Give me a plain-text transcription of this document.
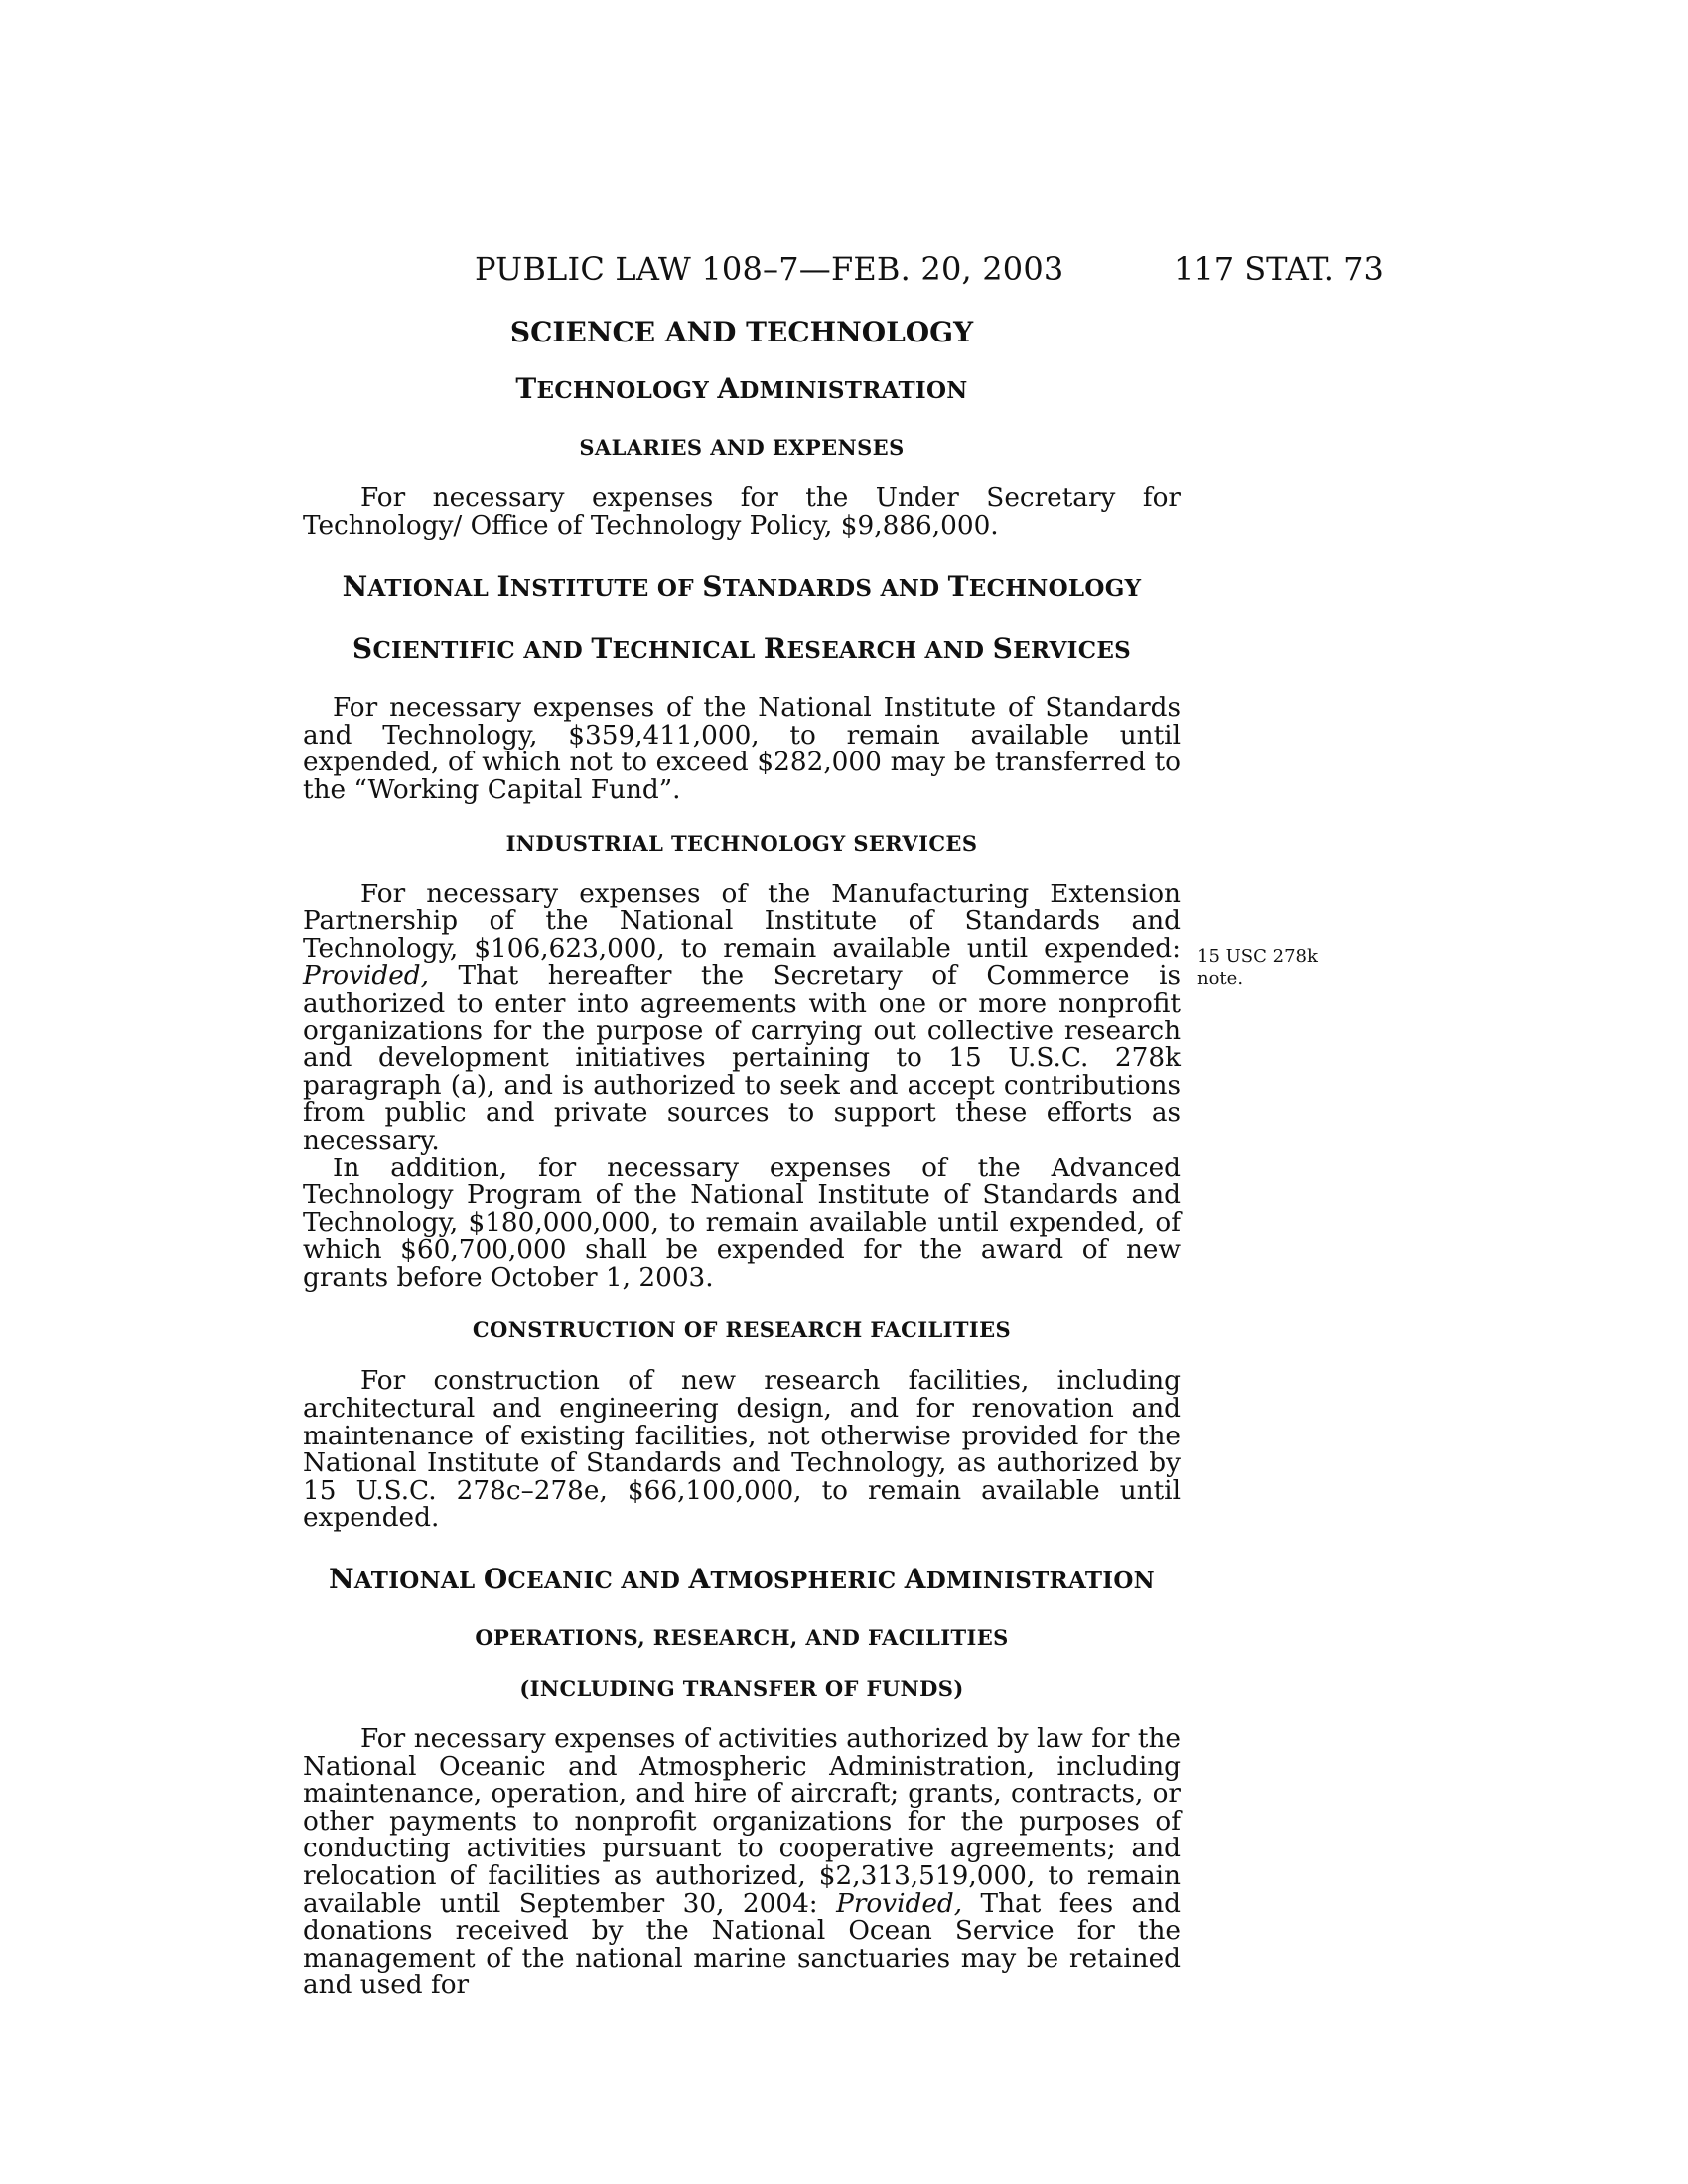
PUBLIC LAW 108–7—FEB. 20, 2003	117 STAT. 73
SCIENCE AND TECHNOLOGY
TECHNOLOGY ADMINISTRATION
SALARIES AND EXPENSES

For necessary expenses for the Under Secretary for Technology/ Office of Technology Policy, $9,886,000.

NATIONAL INSTITUTE OF STANDARDS AND TECHNOLOGY
SCIENTIFIC AND TECHNICAL RESEARCH AND SERVICES

For necessary expenses of the National Institute of Standards and Technology, $359,411,000, to remain available until expended, of which not to exceed $282,000 may be transferred to the “Working Capital Fund”.

INDUSTRIAL TECHNOLOGY SERVICES

For necessary expenses of the Manufacturing Extension Partnership of the National Institute of Standards and Technology, $106,623,000, to remain available until expended: Provided, That hereafter the Secretary of Commerce is authorized to enter into agreements with one or more nonprofit organizations for the purpose of carrying out collective research and development initiatives pertaining to 15 U.S.C. 278k paragraph (a), and is authorized to seek and accept contributions from public and private sources to support these efforts as necessary.

In addition, for necessary expenses of the Advanced Technology Program of the National Institute of Standards and Technology, $180,000,000, to remain available until expended, of which $60,700,000 shall be expended for the award of new grants before October 1, 2003.

CONSTRUCTION OF RESEARCH FACILITIES

For construction of new research facilities, including architectural and engineering design, and for renovation and maintenance of existing facilities, not otherwise provided for the National Institute of Standards and Technology, as authorized by 15 U.S.C. 278c–278e, $66,100,000, to remain available until expended.

NATIONAL OCEANIC AND ATMOSPHERIC ADMINISTRATION
OPERATIONS, RESEARCH, AND FACILITIES
(INCLUDING TRANSFER OF FUNDS)

For necessary expenses of activities authorized by law for the National Oceanic and Atmospheric Administration, including maintenance, operation, and hire of aircraft; grants, contracts, or other payments to nonprofit organizations for the purposes of conducting activities pursuant to cooperative agreements; and relocation of facilities as authorized, $2,313,519,000, to remain available until September 30, 2004: Provided, That fees and donations received by the National Ocean Service for the management of the national marine sanctuaries may be retained and used for

15 USC 278k
note.
